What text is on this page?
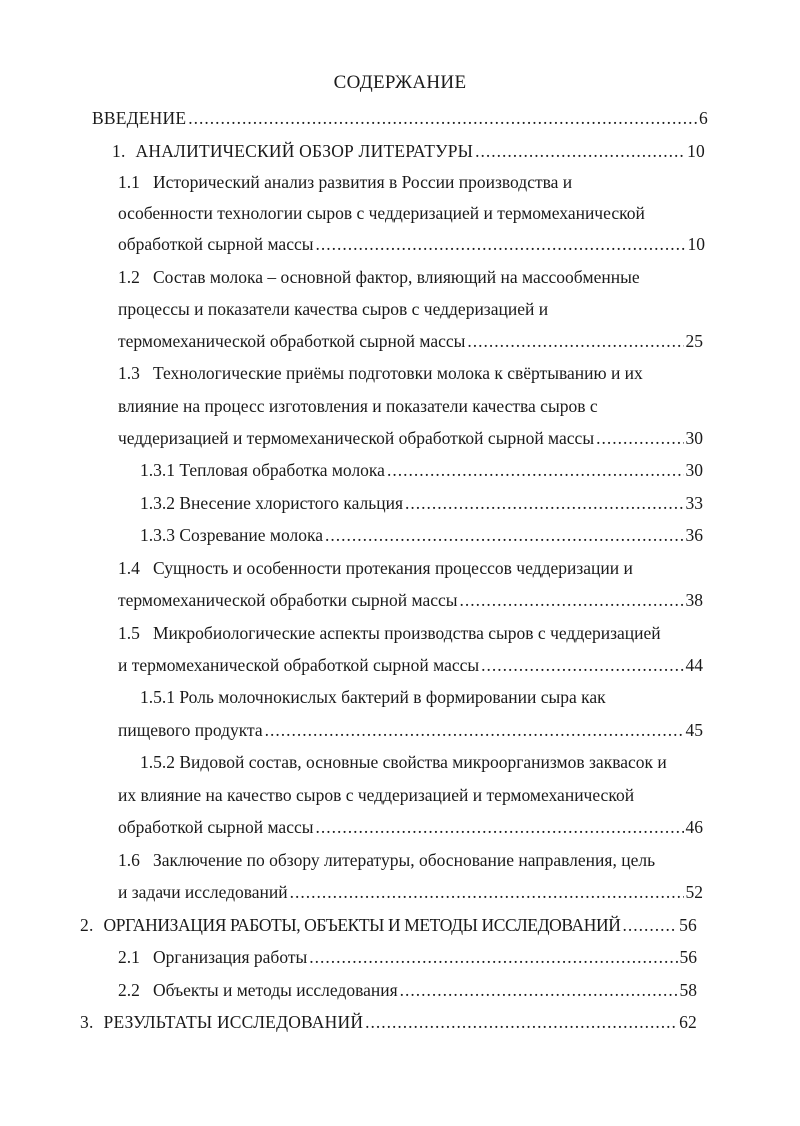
СОДЕРЖАНИЕ
ВВЕДЕНИЕ .....	6
1. АНАЛИТИЧЕСКИЙ ОБЗОР ЛИТЕРАТУРЫ .....	10
1.1   Исторический анализ развития в России производства и
особенности технологии сыров с чеддеризацией и термомеханической
обработкой сырной массы .....	10
1.2   Состав молока – основной фактор, влияющий на массообменные
процессы и показатели качества сыров с чеддеризацией и
термомеханической обработкой сырной массы .....	25
1.3   Технологические приёмы подготовки молока к свёртыванию и их
влияние на процесс изготовления и показатели качества сыров с
чеддеризацией и термомеханической обработкой сырной массы .....	30
1.3.1 Тепловая обработка молока .....	30
1.3.2 Внесение хлористого кальция .....	33
1.3.3 Созревание молока .....	36
1.4   Сущность и особенности протекания процессов чеддеризации и
термомеханической обработки сырной массы .....	38
1.5   Микробиологические аспекты производства сыров с чеддеризацией
и термомеханической обработкой сырной массы .....	44
1.5.1 Роль молочнокислых бактерий в формировании сыра как
пищевого продукта .....	45
1.5.2 Видовой состав, основные свойства микроорганизмов заквасок и
их влияние на качество сыров с чеддеризацией и термомеханической
обработкой сырной массы .....	46
1.6   Заключение по обзору литературы, обоснование направления, цель
и задачи исследований .....	52
2. ОРГАНИЗАЦИЯ РАБОТЫ, ОБЪЕКТЫ И МЕТОДЫ ИССЛЕДОВАНИЙ .....	56
2.1   Организация работы .....	56
2.2   Объекты и методы исследования .....	58
3. РЕЗУЛЬТАТЫ ИССЛЕДОВАНИЙ .....	62
